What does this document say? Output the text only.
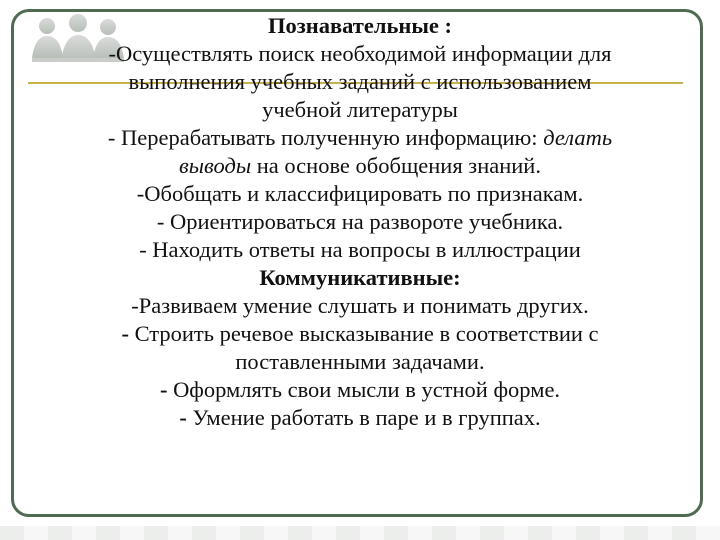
Познавательные :
-Осуществлять поиск необходимой информации для
выполнения учебных заданий с использованием
учебной литературы
- Перерабатывать полученную информацию: делать
выводы на основе обобщения знаний.
-Обобщать и классифицировать по признакам.
- Ориентироваться на развороте учебника.
- Находить ответы на вопросы в иллюстрации
Коммуникативные:
-Развиваем умение слушать и понимать других.
- Строить речевое высказывание в соответствии с
поставленными задачами.
- Оформлять свои мысли в устной форме.
- Умение работать в паре и в группах.
